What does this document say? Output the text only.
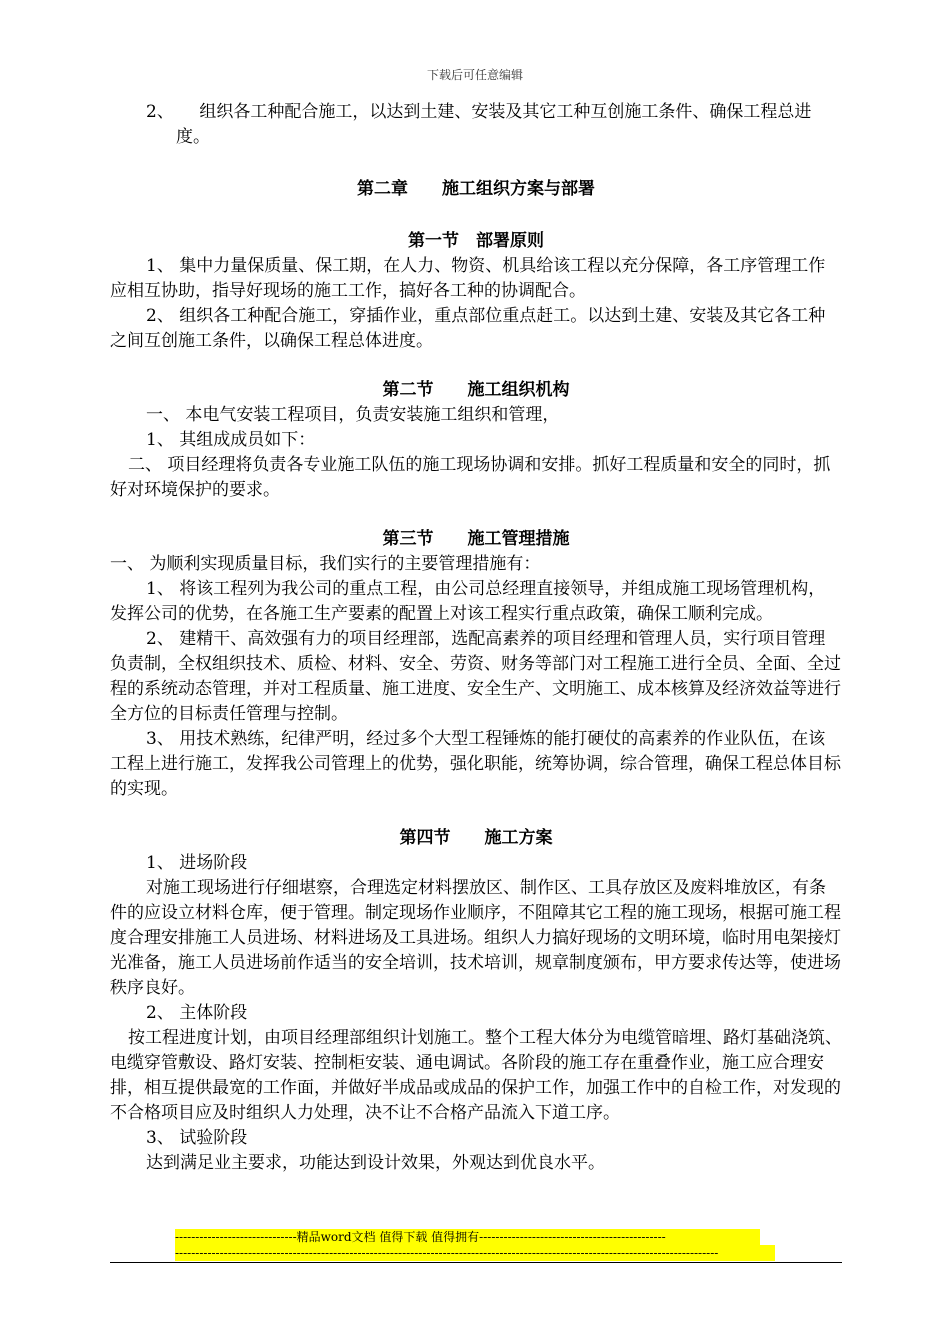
下载后可任意编辑

2、　　 组织各工种配合施工，以达到土建、安装及其它工种互创施工条件、确保工程总进度。

第二章　　施工组织方案与部署

第一节　部署原则

1、 集中力量保质量、保工期，在人力、物资、机具给该工程以充分保障，各工序管理工作应相互协助，指导好现场的施工工作，搞好各工种的协调配合。

2、 组织各工种配合施工，穿插作业，重点部位重点赶工。以达到土建、安装及其它各工种之间互创施工条件，以确保工程总体进度。

第二节　　施工组织机构

一、 本电气安装工程项目，负责安装施工组织和管理，

1、 其组成成员如下：

二、 项目经理将负责各专业施工队伍的施工现场协调和安排。抓好工程质量和安全的同时，抓好对环境保护的要求。

第三节　　施工管理措施

一、 为顺利实现质量目标，我们实行的主要管理措施有：

1、 将该工程列为我公司的重点工程，由公司总经理直接领导，并组成施工现场管理机构，发挥公司的优势，在各施工生产要素的配置上对该工程实行重点政策，确保工顺利完成。

2、 建精干、高效强有力的项目经理部，选配高素养的项目经理和管理人员，实行项目管理负责制，全权组织技术、质检、材料、安全、劳资、财务等部门对工程施工进行全员、全面、全过程的系统动态管理，并对工程质量、施工进度、安全生产、文明施工、成本核算及经济效益等进行全方位的目标责任管理与控制。

3、 用技术熟练，纪律严明，经过多个大型工程锤炼的能打硬仗的高素养的作业队伍，在该工程上进行施工，发挥我公司管理上的优势，强化职能，统筹协调，综合管理，确保工程总体目标的实现。

第四节　　施工方案

1、 进场阶段

对施工现场进行仔细堪察，合理选定材料摆放区、制作区、工具存放区及废料堆放区，有条件的应设立材料仓库，便于管理。制定现场作业顺序，不阻障其它工程的施工现场，根据可施工程度合理安排施工人员进场、材料进场及工具进场。组织人力搞好现场的文明环境，临时用电架接灯光准备，施工人员进场前作适当的安全培训，技术培训，规章制度颁布，甲方要求传达等，使进场秩序良好。

2、 主体阶段

按工程进度计划，由项目经理部组织计划施工。整个工程大体分为电缆管暗埋、路灯基础浇筑、电缆穿管敷设、路灯安装、控制柜安装、通电调试。各阶段的施工存在重叠作业，施工应合理安排，相互提供最宽的工作面，并做好半成品或成品的保护工作，加强工作中的自检工作，对发现的不合格项目应及时组织人力处理，决不让不合格产品流入下道工序。

3、 试验阶段

达到满足业主要求，功能达到设计效果，外观达到优良水平。

------------------------------精品word文档 值得下载 值得拥有----------------------------------------------
--------------------------------------------------------------------------------------------------------------------------------------
